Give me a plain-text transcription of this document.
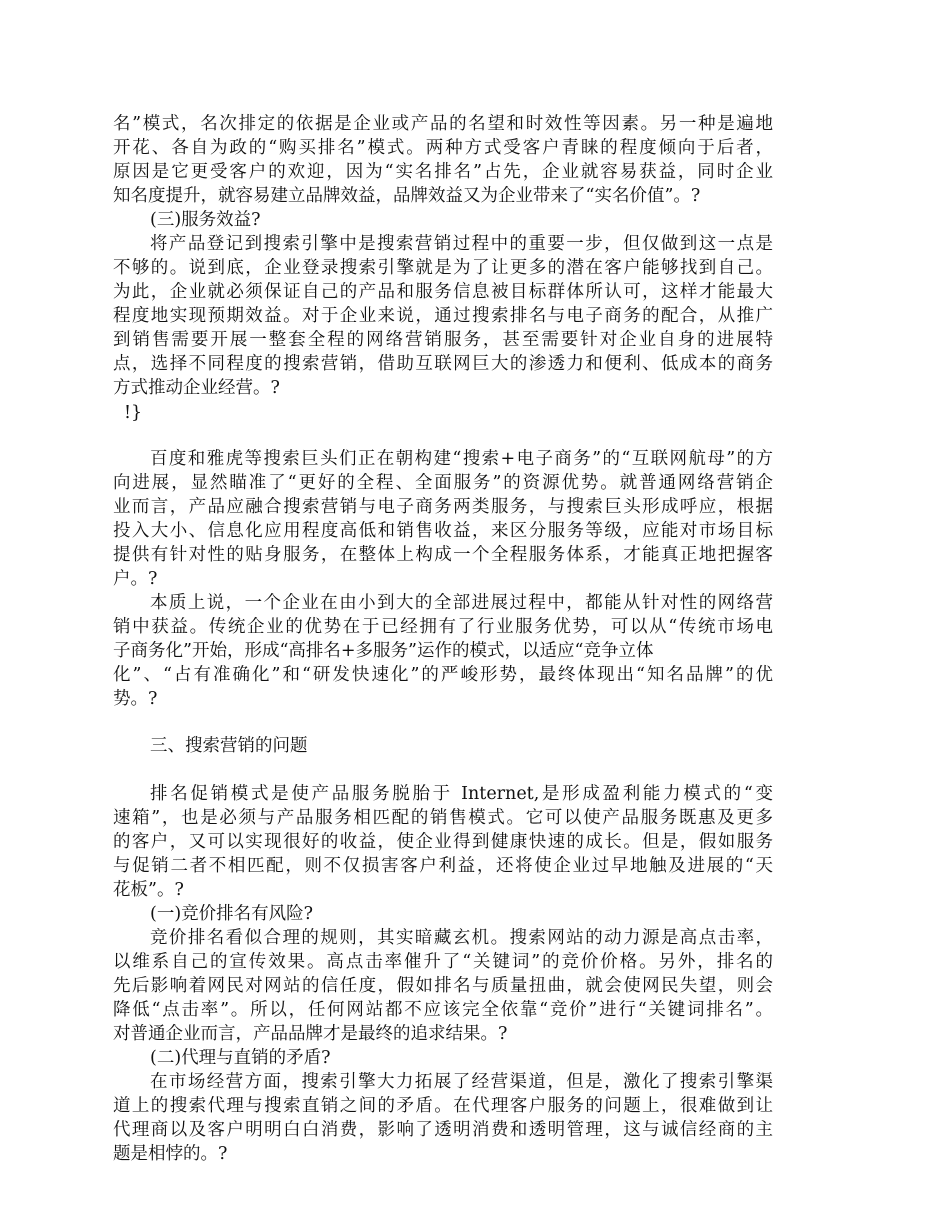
名”模式，名次排定的依据是企业或产品的名望和时效性等因素。另一种是遍地
开花、各自为政的“购买排名”模式。两种方式受客户青睐的程度倾向于后者，
原因是它更受客户的欢迎，因为“实名排名”占先，企业就容易获益，同时企业
知名度提升，就容易建立品牌效益，品牌效益又为企业带来了“实名价值”。?
(三)服务效益?
将产品登记到搜索引擎中是搜索营销过程中的重要一步，但仅做到这一点是
不够的。说到底，企业登录搜索引擎就是为了让更多的潜在客户能够找到自己。
为此，企业就必须保证自己的产品和服务信息被目标群体所认可，这样才能最大
程度地实现预期效益。对于企业来说，通过搜索排名与电子商务的配合，从推广
到销售需要开展一整套全程的网络营销服务，甚至需要针对企业自身的进展特
点，选择不同程度的搜索营销，借助互联网巨大的渗透力和便利、低成本的商务
方式推动企业经营。?
!}
百度和雅虎等搜索巨头们正在朝构建“搜索+电子商务”的“互联网航母”的方
向进展，显然瞄准了“更好的全程、全面服务”的资源优势。就普通网络营销企
业而言，产品应融合搜索营销与电子商务两类服务，与搜索巨头形成呼应，根据
投入大小、信息化应用程度高低和销售收益，来区分服务等级，应能对市场目标
提供有针对性的贴身服务，在整体上构成一个全程服务体系，才能真正地把握客
户。?
本质上说，一个企业在由小到大的全部进展过程中，都能从针对性的网络营
销中获益。传统企业的优势在于已经拥有了行业服务优势，可以从“传统市场电
子商务化”开始，形成“高排名+多服务”运作的模式，以适应“竞争立体
化”、“占有准确化”和“研发快速化”的严峻形势，最终体现出“知名品牌”的优
势。?
三、搜索营销的问题
排名促销模式是使产品服务脱胎于 Internet,是形成盈利能力模式的“变
速箱”，也是必须与产品服务相匹配的销售模式。它可以使产品服务既惠及更多
的客户，又可以实现很好的收益，使企业得到健康快速的成长。但是，假如服务
与促销二者不相匹配，则不仅损害客户利益，还将使企业过早地触及进展的“天
花板”。?
(一)竞价排名有风险?
竞价排名看似合理的规则，其实暗藏玄机。搜索网站的动力源是高点击率，
以维系自己的宣传效果。高点击率催升了“关键词”的竞价价格。另外，排名的
先后影响着网民对网站的信任度，假如排名与质量扭曲，就会使网民失望，则会
降低“点击率”。所以，任何网站都不应该完全依靠“竞价”进行“关键词排名”。
对普通企业而言，产品品牌才是最终的追求结果。?
(二)代理与直销的矛盾?
在市场经营方面，搜索引擎大力拓展了经营渠道，但是，激化了搜索引擎渠
道上的搜索代理与搜索直销之间的矛盾。在代理客户服务的问题上，很难做到让
代理商以及客户明明白白消费，影响了透明消费和透明管理，这与诚信经商的主
题是相悖的。?
